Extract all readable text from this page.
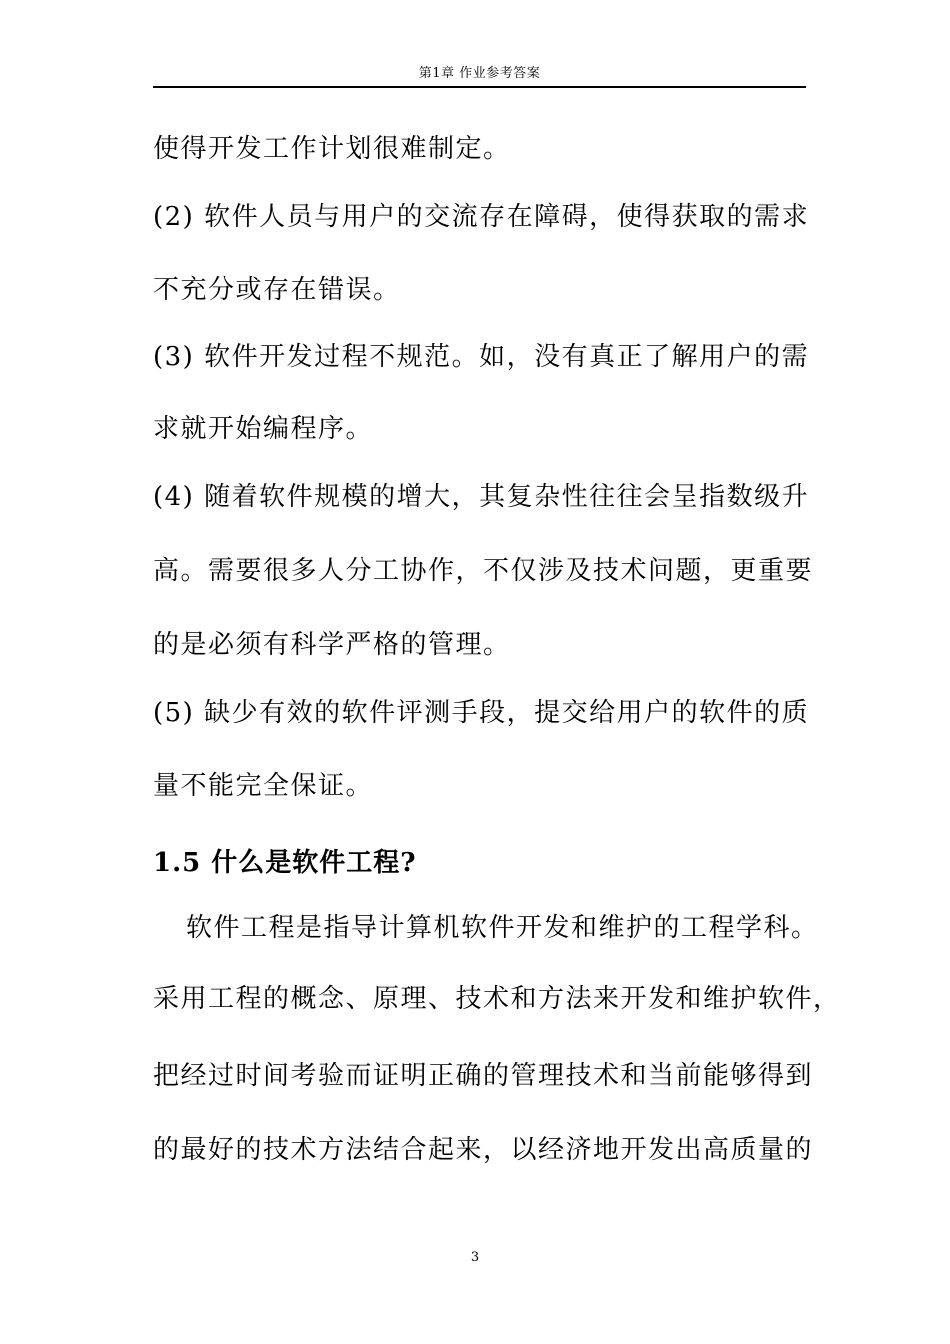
第1章 作业参考答案
使得开发工作计划很难制定。
(2) 软件人员与用户的交流存在障碍，使得获取的需求
不充分或存在错误。
(3) 软件开发过程不规范。如，没有真正了解用户的需
求就开始编程序。
(4) 随着软件规模的增大，其复杂性往往会呈指数级升
高。需要很多人分工协作，不仅涉及技术问题，更重要
的是必须有科学严格的管理。
(5) 缺少有效的软件评测手段，提交给用户的软件的质
量不能完全保证。
1.5 什么是软件工程?
软件工程是指导计算机软件开发和维护的工程学科。
采用工程的概念、原理、技术和方法来开发和维护软件，
把经过时间考验而证明正确的管理技术和当前能够得到
的最好的技术方法结合起来，以经济地开发出高质量的
3
